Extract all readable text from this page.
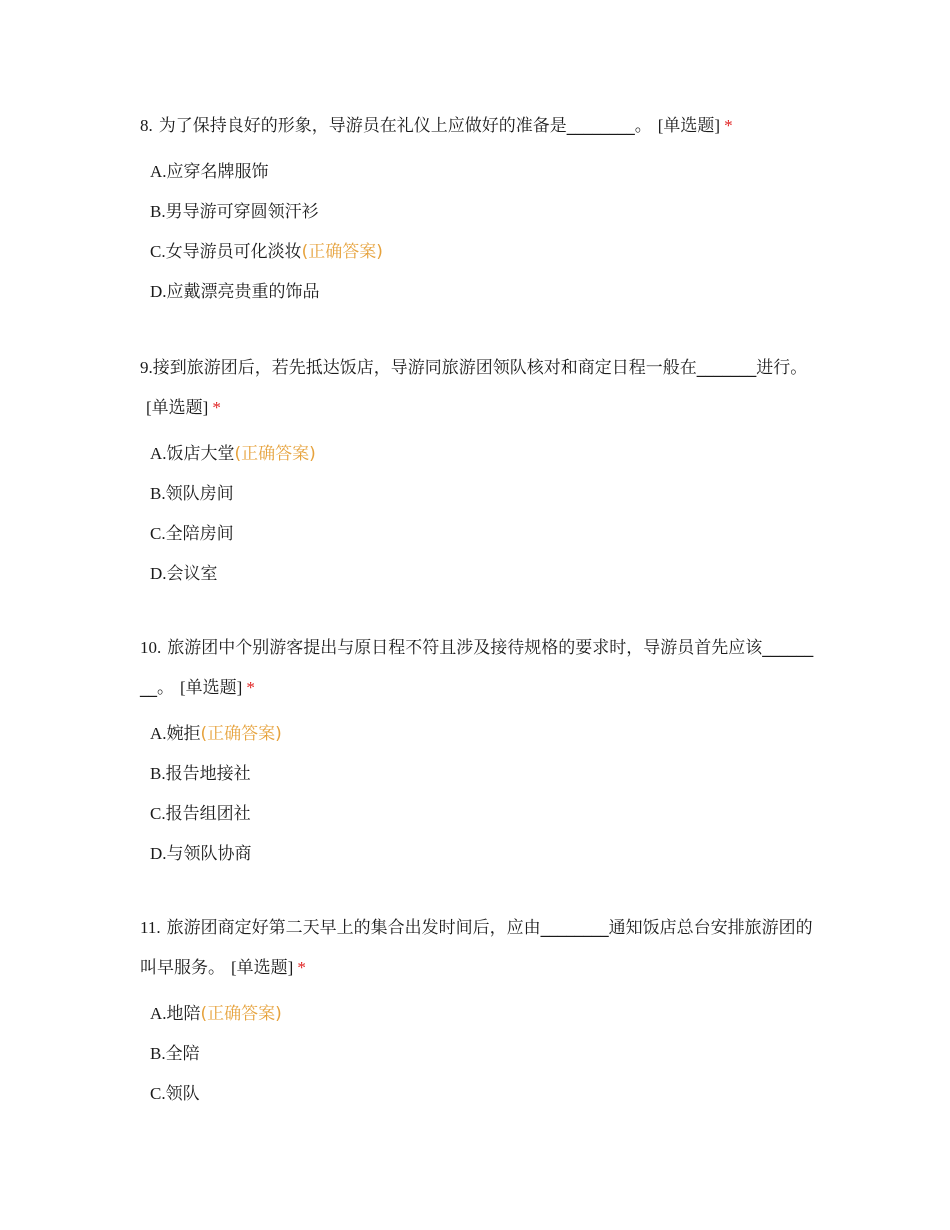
8. 为了保持良好的形象，导游员在礼仪上应做好的准备是________。 [单选题] *

A.应穿名牌服饰
B.男导游可穿圆领汗衫
C.女导游员可化淡妆(正确答案)
D.应戴漂亮贵重的饰品

9.接到旅游团后，若先抵达饭店，导游同旅游团领队核对和商定日程一般在_______进行。[单选题] *

A.饭店大堂(正确答案)
B.领队房间
C.全陪房间
D.会议室

10. 旅游团中个别游客提出与原日程不符且涉及接待规格的要求时，导游员首先应该________。 [单选题] *

A.婉拒(正确答案)
B.报告地接社
C.报告组团社
D.与领队协商

11. 旅游团商定好第二天早上的集合出发时间后，应由________通知饭店总台安排旅游团的叫早服务。 [单选题] *

A.地陪(正确答案)
B.全陪
C.领队
